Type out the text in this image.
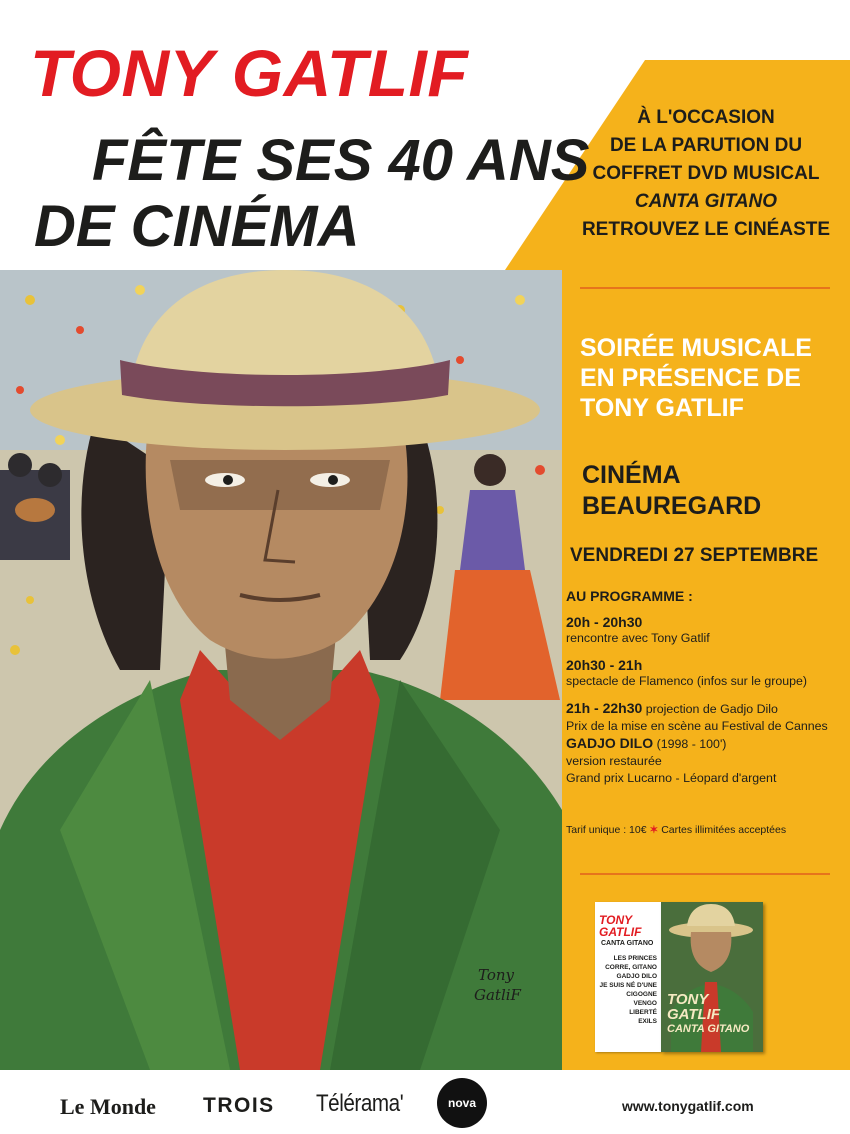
Tony
GatliF
TONY GATLIF
FÊTE SES 40 ANS
DE CINÉMA
À L'OCCASION
DE LA PARUTION DU
COFFRET DVD MUSICAL
CANTA GITANO
RETROUVEZ LE CINÉASTE
SOIRÉE MUSICALE
EN PRÉSENCE DE
TONY GATLIF
CINÉMA
BEAUREGARD
VENDREDI 27 SEPTEMBRE
AU PROGRAMME :
20h - 20h30
rencontre avec Tony Gatlif
20h30 - 21h
spectacle de Flamenco (infos sur le groupe)
21h - 22h30 projection de Gadjo Dilo
Prix de la mise en scène au Festival de Cannes
GADJO DILO (1998 - 100')
version restaurée
Grand prix Lucarno - Léopard d'argent
Tarif unique : 10€ ✶ Cartes illimitées acceptées
TONY GATLIF
CANTA GITANO
LES PRINCES
CORRE, GITANO
GADJO DILO
JE SUIS NÉ D'UNE CIGOGNE
VENGO
LIBERTÉ
EXILS
TONY
GATLIF
CANTA GITANO
Le Monde TROIS Télérama'	nova	www.tonygatlif.com
